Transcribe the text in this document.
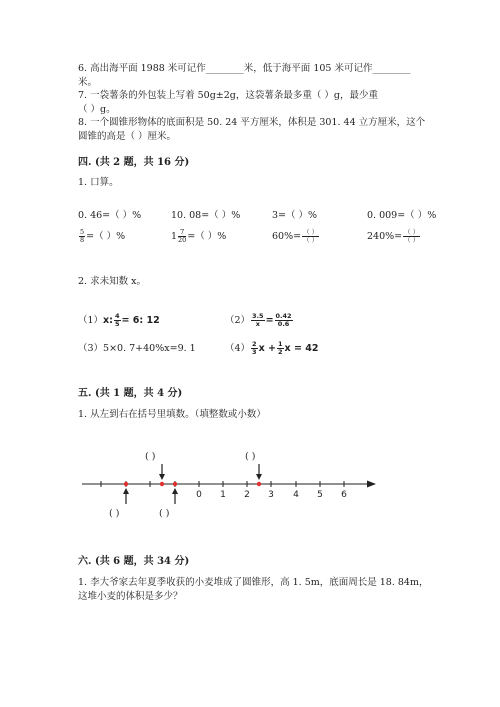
6. 高出海平面 1988 米可记作________米，低于海平面 105 米可记作________
米。
7. 一袋薯条的外包装上写着 50g±2g，这袋薯条最多重（ ）g，最少重
（ ）g。
8. 一个圆锥形物体的底面积是 50. 24 平方厘米，体积是 301. 44 立方厘米，这个
圆锥的高是（ ）厘米。
四. (共 2 题，共 16 分)
1. 口算。
0. 46=（ ）%	10. 08=（ ）%	3=（ ）%	0. 009=（ ）%
$\frac{5}{8}$ =（ ）%	$1 \frac{7}{20}$ =（ ）%	$60\%= \frac{( )}{( )}$	$240\%= \frac{( )}{( )}$
2. 求未知数 x。
（1）x: $\frac{4}{5} = 6$: 12	$(2) \frac{3.5}{x} = \frac{0.42}{0.6}$
（3）5×0. 7+40%x=9. 1	$(4) \frac{2}{3}$ $x + \frac{1}{2}$ x = 42
五. (共 1 题，共 4 分)
1. 从左到右在括号里填数。（填整数或小数）
( )	( )
( )	( )
0 1 2 3 4 5 6
六. (共 6 题，共 34 分)
1. 李大爷家去年夏季收获的小麦堆成了圆锥形，高 1. 5m，底面周长是 18. 84m，
这堆小麦的体积是多少？
